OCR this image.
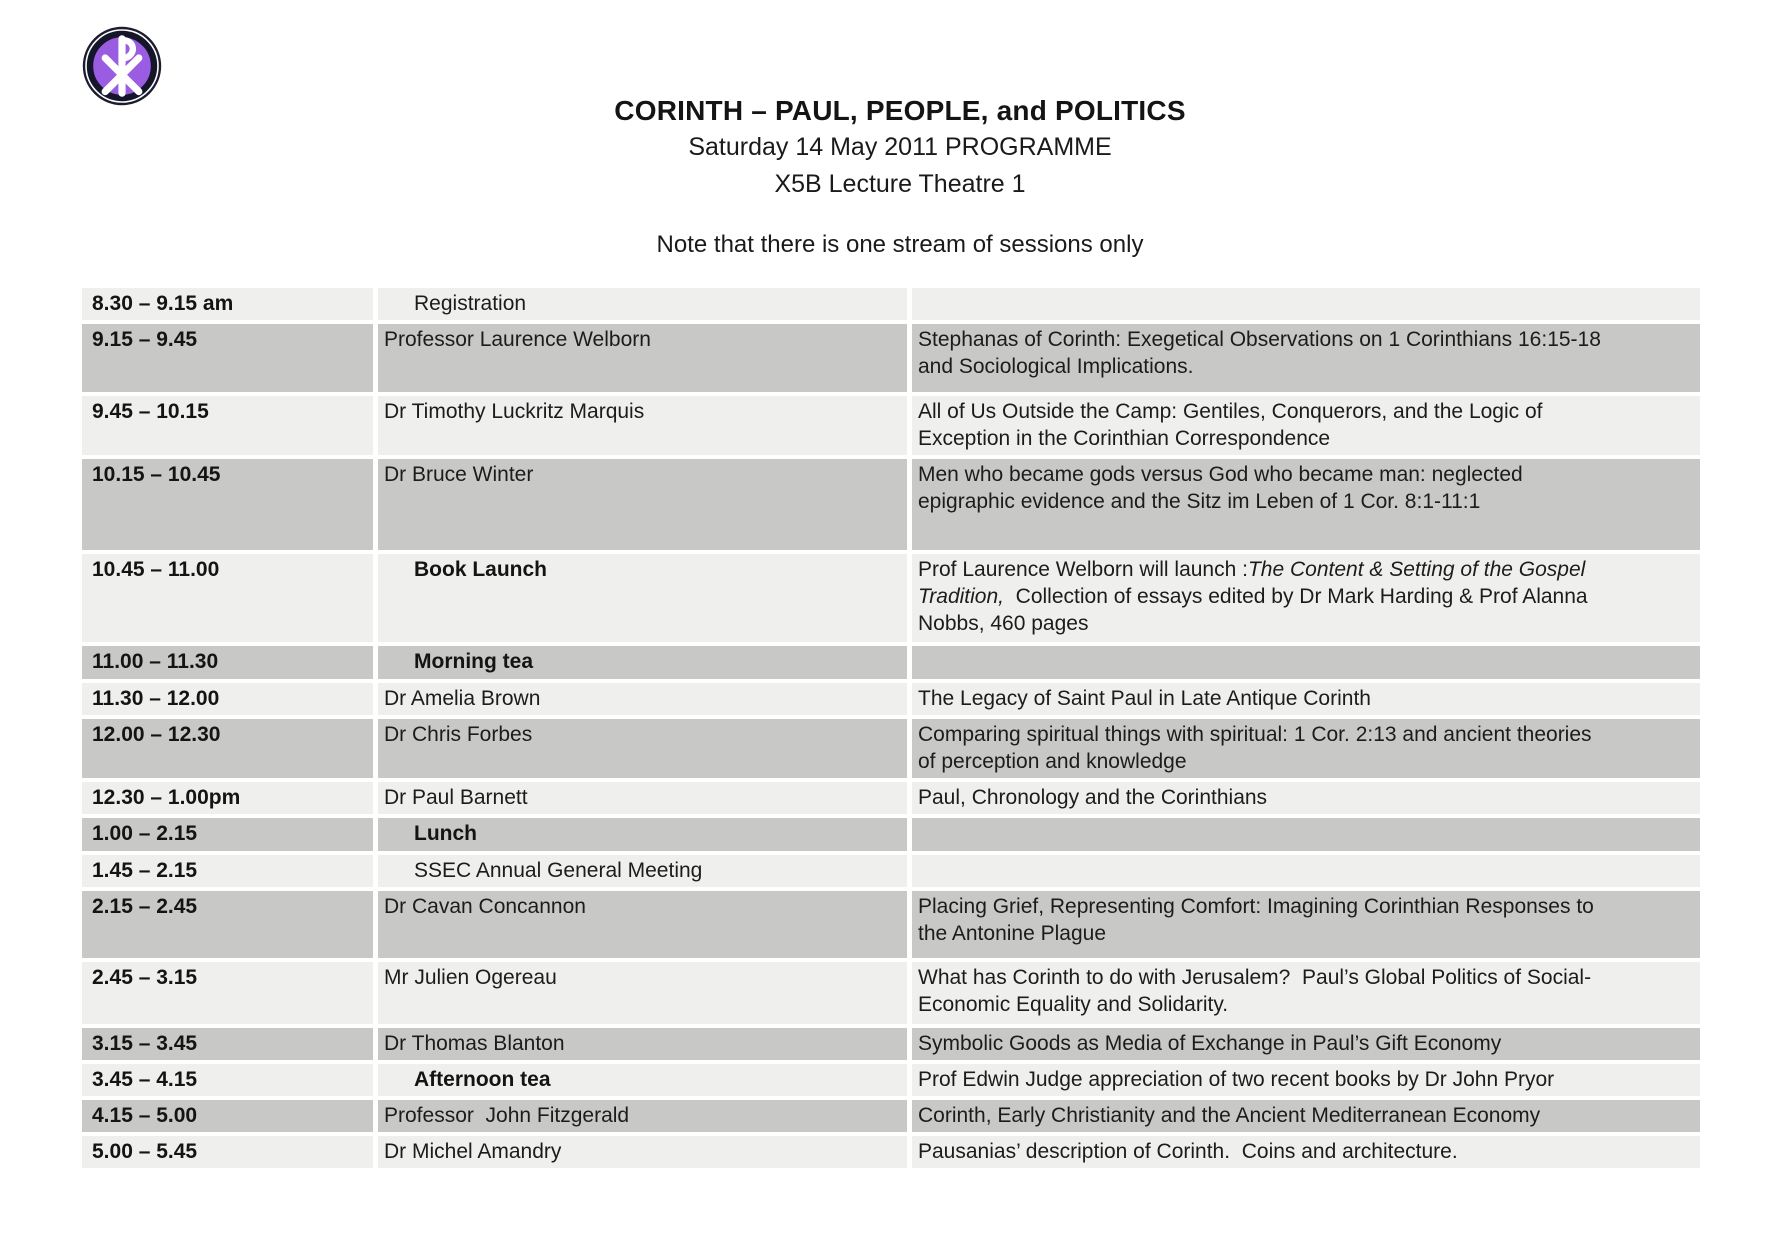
CORINTH – PAUL, PEOPLE, and POLITICS

Saturday 14 May 2011 PROGRAMME

X5B Lecture Theatre 1

Note that there is one stream of sessions only
8.30 – 9.15 am	Registration
9.15 – 9.45	Professor Laurence Welborn	Stephanas of Corinth: Exegetical Observations on 1 Corinthians 16:15-18
and Sociological Implications.
9.45 – 10.15	Dr Timothy Luckritz Marquis	All of Us Outside the Camp: Gentiles, Conquerors, and the Logic of
Exception in the Corinthian Correspondence
10.15 – 10.45	Dr Bruce Winter	Men who became gods versus God who became man: neglected
epigraphic evidence and the Sitz im Leben of 1 Cor. 8:1-11:1
10.45 – 11.00	Book Launch	Prof Laurence Welborn will launch :The Content & Setting of the Gospel
Tradition,  Collection of essays edited by Dr Mark Harding & Prof Alanna
Nobbs, 460 pages
11.00 – 11.30	Morning tea
11.30 – 12.00	Dr Amelia Brown	The Legacy of Saint Paul in Late Antique Corinth
12.00 – 12.30	Dr Chris Forbes	Comparing spiritual things with spiritual: 1 Cor. 2:13 and ancient theories
of perception and knowledge
12.30 – 1.00pm	Dr Paul Barnett	Paul, Chronology and the Corinthians
1.00 – 2.15	Lunch
1.45 – 2.15	SSEC Annual General Meeting
2.15 – 2.45	Dr Cavan Concannon	Placing Grief, Representing Comfort: Imagining Corinthian Responses to
the Antonine Plague
2.45 – 3.15	Mr Julien Ogereau	What has Corinth to do with Jerusalem?  Paul’s Global Politics of Social-
Economic Equality and Solidarity.
3.15 – 3.45	Dr Thomas Blanton	Symbolic Goods as Media of Exchange in Paul’s Gift Economy
3.45 – 4.15	Afternoon tea	Prof Edwin Judge appreciation of two recent books by Dr John Pryor
4.15 – 5.00	Professor  John Fitzgerald	Corinth, Early Christianity and the Ancient Mediterranean Economy
5.00 – 5.45	Dr Michel Amandry	Pausanias’ description of Corinth.  Coins and architecture.
